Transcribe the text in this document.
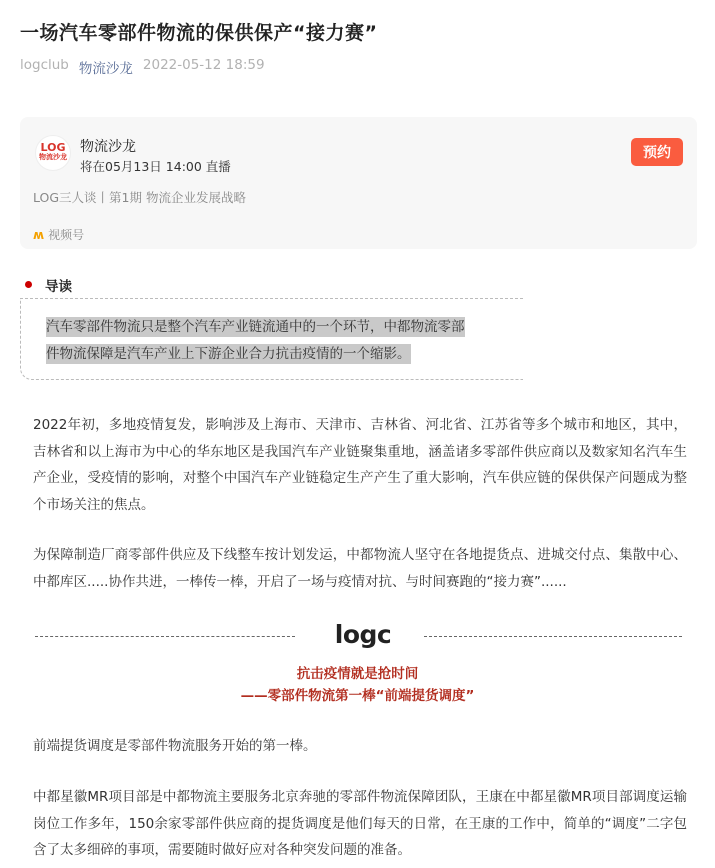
一场汽车零部件物流的保供保产“接力赛”
logclub 物流沙龙 2022-05-12 18:59
LOG
物流沙龙
物流沙龙
将在05月13日 14:00 直播
LOG三人谈丨第1期 物流企业发展战略
ʍ 视频号
预约
导读
汽车零部件物流只是整个汽车产业链流通中的一个环节，中都物流零部
件物流保障是汽车产业上下游企业合力抗击疫情的一个缩影。
2022年初，多地疫情复发，影响涉及上海市、天津市、吉林省、河北省、江苏省等多个城市和地区，其中，吉林省和以上海市为中心的华东地区是我国汽车产业链聚集重地，涵盖诸多零部件供应商以及数家知名汽车生产企业，受疫情的影响，对整个中国汽车产业链稳定生产产生了重大影响，汽车供应链的保供保产问题成为整个市场关注的焦点。
为保障制造厂商零部件供应及下线整车按计划发运，中都物流人坚守在各地提货点、进城交付点、集散中心、中都库区.....协作共进，一棒传一棒，开启了一场与疫情对抗、与时间赛跑的“接力赛”......
logc
抗击疫情就是抢时间
——零部件物流第一棒“前端提货调度”
前端提货调度是零部件物流服务开始的第一棒。
中都星徽MR项目部是中都物流主要服务北京奔驰的零部件物流保障团队，王康在中都星徽MR项目部调度运输岗位工作多年，150余家零部件供应商的提货调度是他们每天的日常，在王康的工作中，简单的“调度”二字包含了太多细碎的事项，需要随时做好应对各种突发问题的准备。
